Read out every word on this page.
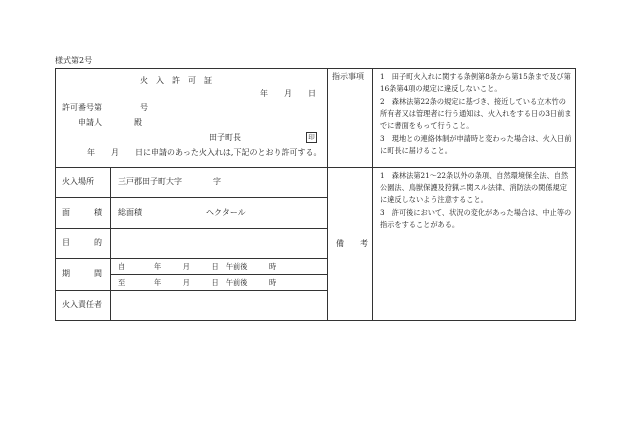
様式第2号
火　入　許　可　証
年　　月　　日
許可番号第	号
申請人	殿
田子町長	印
年　　月　　日に申請のあった火入れは,下記のとおり許可する。
指示事項 1　田子町火入れに関する条例第8条から第15条まで及び第16条第4項の規定に違反しないこと。
2　森林法第22条の規定に基づき、接近している立木竹の所有者又は管理者に行う通知は、火入れをする日の3日前までに書面をもって行うこと。
3　現地との連絡体制が申請時と変わった場合は、火入日前に町長に届けること。
火入場所	三戸郡田子町大字	字
面　　　積 総面積	ヘクタール
目　　　的
期　　　間
自　　　　年　　　月　　　日　午前後　　　時
至　　　　年　　　月　　　日　午前後　　　時
火入責任者
備　　考
1　森林法第21〜22条以外の条項、自然環境保全法、自然公園法、鳥獣保護及狩猟ニ関スル法律、消防法の関係規定に違反しないよう注意すること。
3　許可後において、状況の変化があった場合は、中止等の指示をすることがある。
